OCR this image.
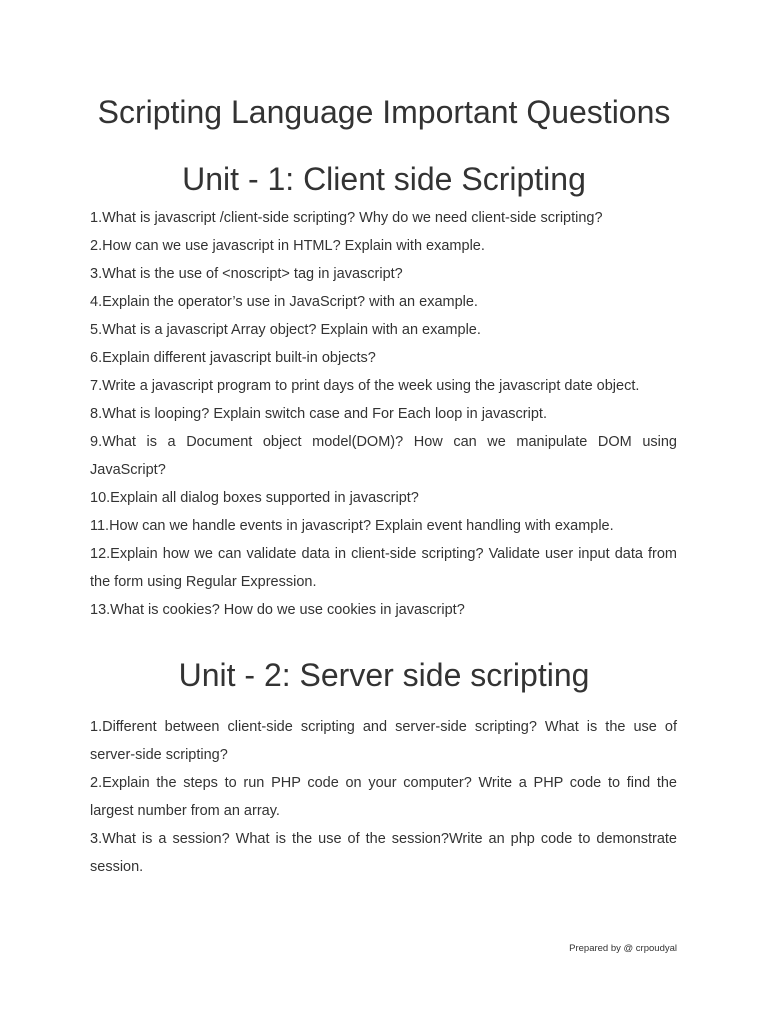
Scripting Language Important Questions
Unit - 1: Client side Scripting
1.What is javascript /client-side scripting? Why do we need client-side scripting?
2.How can we use javascript in HTML? Explain with example.
3.What is the use of <noscript> tag in javascript?
4.Explain the operator’s use in JavaScript? with an example.
5.What is a javascript Array object? Explain with an example.
6.Explain different javascript built-in objects?
7.Write a javascript program to print days of the week using the javascript date object.
8.What is looping? Explain switch case and For Each loop in javascript.
9.What is a Document object model(DOM)? How can we manipulate DOM using JavaScript?
10.Explain all dialog boxes supported in javascript?
11.How can we handle events in javascript? Explain event handling with example.
12.Explain how we can validate data in client-side scripting? Validate user input data from the form using Regular Expression.
13.What is cookies? How do we use cookies in javascript?
Unit - 2: Server side scripting
1.Different between client-side scripting and server-side scripting? What is the use of server-side scripting?
2.Explain the steps to run PHP code on your computer? Write a PHP code to find the largest number from an array.
3.What is a session? What is the use of the session?Write an php code to demonstrate session.
Prepared by @ crpoudyal
